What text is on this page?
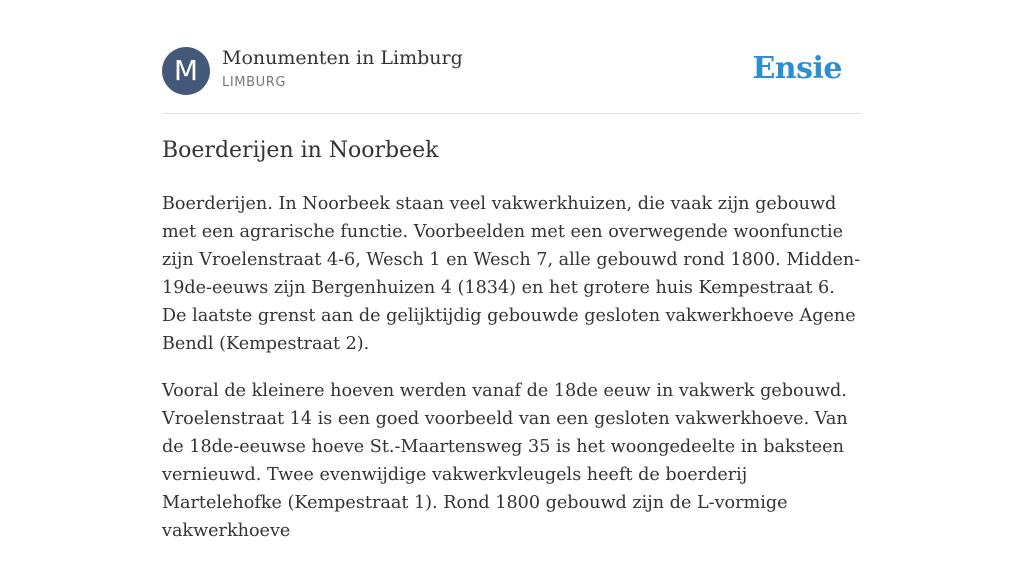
M	Monumenten in Limburg
LIMBURG	Ensie
Boerderijen in Noorbeek

Boerderijen. In Noorbeek staan veel vakwerkhuizen, die vaak zijn gebouwd met een agrarische functie. Voorbeelden met een overwegende woonfunctie zijn Vroelenstraat 4-6, Wesch 1 en Wesch 7, alle gebouwd rond 1800. Midden-19de-eeuws zijn Bergenhuizen 4 (1834) en het grotere huis Kempestraat 6. De laatste grenst aan de gelijktijdig gebouwde gesloten vakwerkhoeve Agene Bendl (Kempestraat 2).

Vooral de kleinere hoeven werden vanaf de 18de eeuw in vakwerk gebouwd. Vroelenstraat 14 is een goed voorbeeld van een gesloten vakwerkhoeve. Van de 18de-eeuwse hoeve St.-Maartensweg 35 is het woongedeelte in baksteen vernieuwd. Twee evenwijdige vakwerkvleugels heeft de boerderij Martelehofke (Kempestraat 1). Rond 1800 gebouwd zijn de L-vormige vakwerkhoeve
